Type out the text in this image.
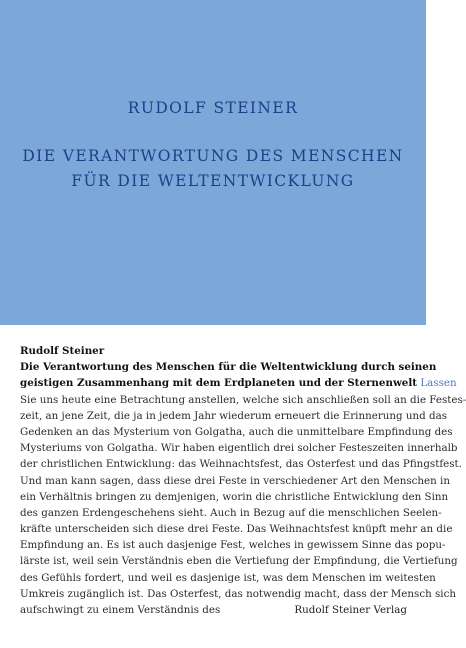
RUDOLF STEINER
DIE VERANTWORTUNG DES MENSCHEN
FÜR DIE WELTENTWICKLUNG
Rudolf Steiner
Die Verantwortung des Menschen für die Weltentwicklung durch seinen
geistigen Zusammenhang mit dem Erdplaneten und der Sternenwelt Lassen
Sie uns heute eine Betrachtung anstellen, welche sich anschließen soll an die Festes-
zeit, an jene Zeit, die ja in jedem Jahr wiederum erneuert die Erinnerung und das
Gedenken an das Mysterium von Golgatha, auch die unmittelbare Empfindung des
Mysteriums von Golgatha. Wir haben eigentlich drei solcher Festeszeiten innerhalb
der christlichen Entwicklung: das Weihnachtsfest, das Osterfest und das Pfingstfest.
Und man kann sagen, dass diese drei Feste in verschiedener Art den Menschen in
ein Verhältnis bringen zu demjenigen, worin die christliche Entwicklung den Sinn
des ganzen Erdengeschehens sieht. Auch in Bezug auf die menschlichen Seelen-
kräfte unterscheiden sich diese drei Feste. Das Weihnachtsfest knüpft mehr an die
Empfindung an. Es ist auch dasjenige Fest, welches in gewissem Sinne das popu-
lärste ist, weil sein Verständnis eben die Vertiefung der Empfindung, die Vertiefung
des Gefühls fordert, und weil es dasjenige ist, was dem Menschen im weitesten
Umkreis zugänglich ist. Das Osterfest, das notwendig macht, dass der Mensch sich
aufschwingt zu einem Verständnis des	Rudolf Steiner Verlag
